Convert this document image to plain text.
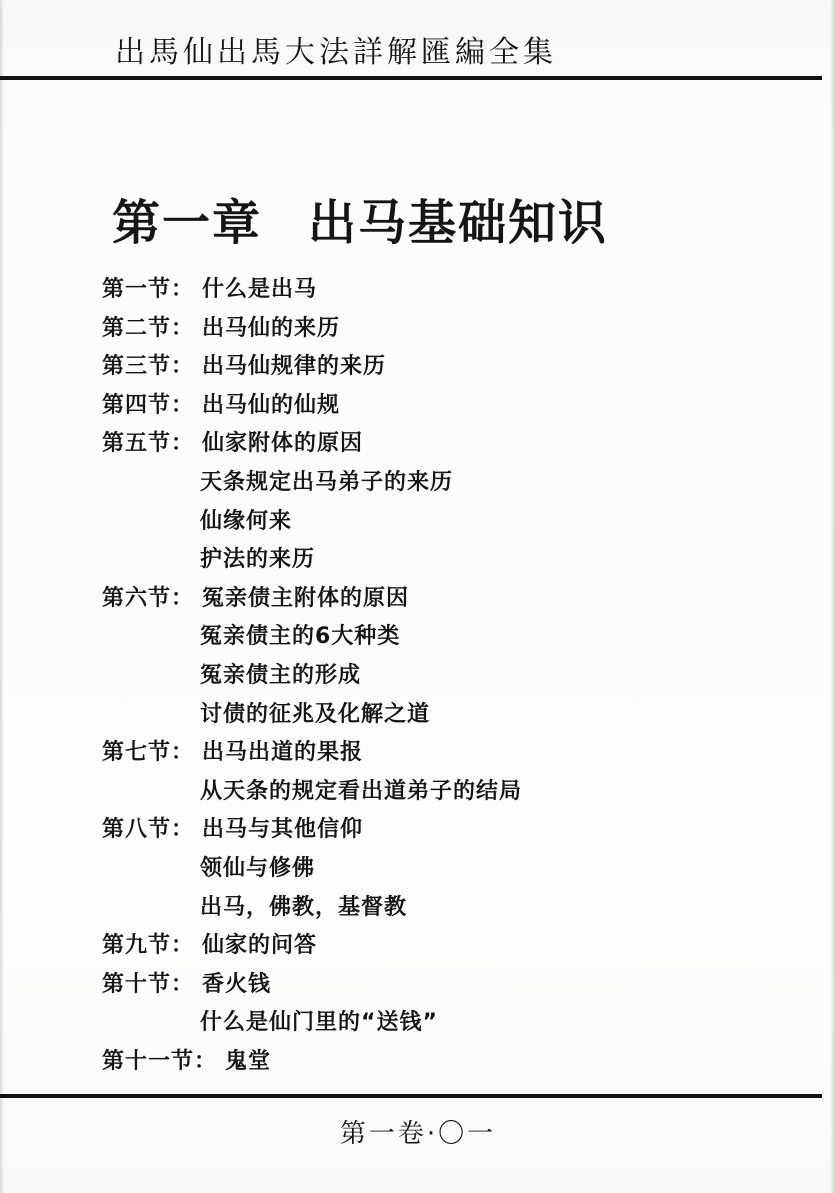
出馬仙出馬大法詳解匯編全集
第一章 出马基础知识
第一节： 什么是出马
第二节： 出马仙的来历
第三节： 出马仙规律的来历
第四节： 出马仙的仙规
第五节： 仙家附体的原因
天条规定出马弟子的来历
仙缘何来
护法的来历
第六节： 冤亲债主附体的原因
冤亲债主的6大种类
冤亲债主的形成
讨债的征兆及化解之道
第七节： 出马出道的果报
从天条的规定看出道弟子的结局
第八节： 出马与其他信仰
领仙与修佛
出马，佛教，基督教
第九节： 仙家的问答
第十节： 香火钱
什么是仙门里的“送钱”
第十一节： 鬼堂
第一卷·〇一
